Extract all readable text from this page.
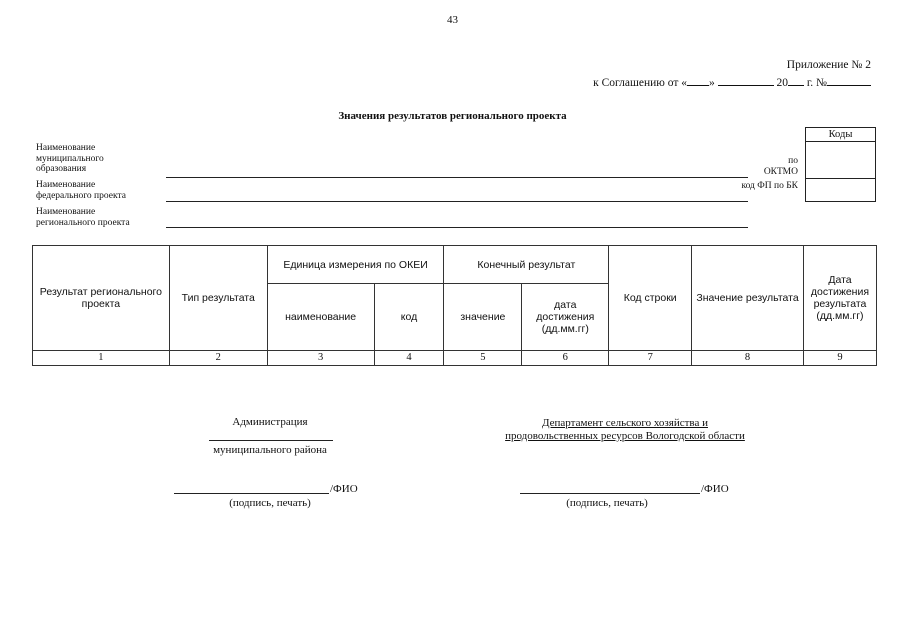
43
Приложение № 2
к Соглашению от « »	20 г. №
Значения результатов регионального проекта
Коды
Наименование муниципального образования
Наименование федерального проекта
Наименование регионального проекта
по ОКТМО
код ФП по БК
Результат регионального проекта	Тип результата	Единица измерения по ОКЕИ		Конечный результат		Код строки	Значение результата	Дата достижения результата (дд.мм.гг)
		наименование	код	значение	дата достижения (дд.мм.гг)			
1	2	3	4	5	6	7	8	9
Администрация
муниципального района
/ФИО
(подпись, печать)
Департамент сельского хозяйства и
продовольственных ресурсов Вологодской области
/ФИО
(подпись, печать)
